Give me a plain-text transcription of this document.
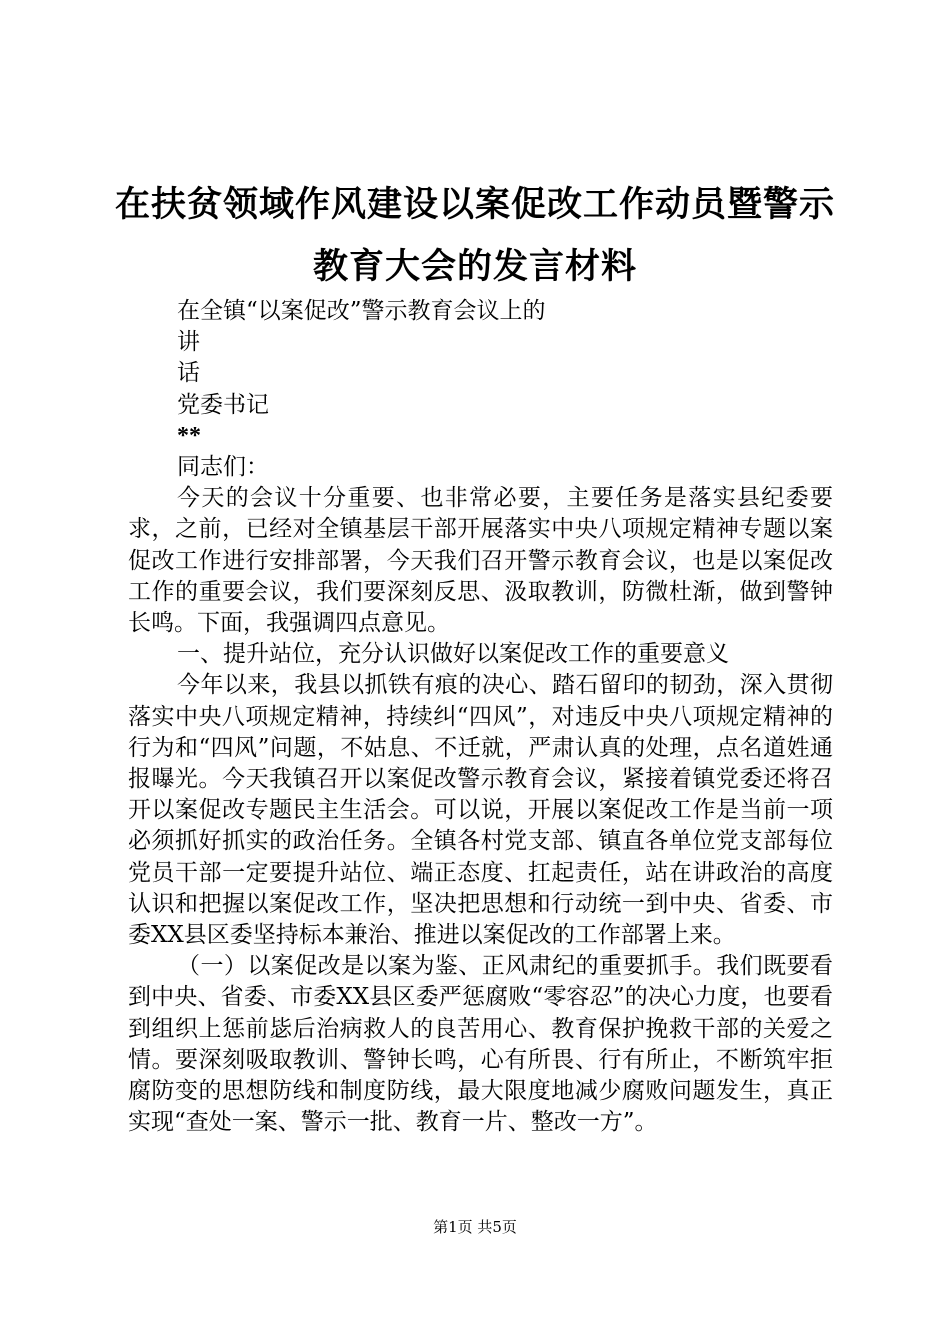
在扶贫领域作风建设以案促改工作动员暨警示
教育大会的发言材料
在全镇“以案促改”警示教育会议上的
讲
话
党委书记
**
同志们：

今天的会议十分重要、也非常必要，主要任务是落实县纪委要求，之前，已经对全镇基层干部开展落实中央八项规定精神专题以案促改工作进行安排部署，今天我们召开警示教育会议，也是以案促改工作的重要会议，我们要深刻反思、汲取教训，防微杜渐，做到警钟长鸣。下面，我强调四点意见。

一、提升站位，充分认识做好以案促改工作的重要意义

今年以来，我县以抓铁有痕的决心、踏石留印的韧劲，深入贯彻落实中央八项规定精神，持续纠“四风”，对违反中央八项规定精神的行为和“四风”问题，不姑息、不迁就，严肃认真的处理，点名道姓通报曝光。今天我镇召开以案促改警示教育会议，紧接着镇党委还将召开以案促改专题民主生活会。可以说，开展以案促改工作是当前一项必须抓好抓实的政治任务。全镇各村党支部、镇直各单位党支部每位党员干部一定要提升站位、端正态度、扛起责任，站在讲政治的高度认识和把握以案促改工作，坚决把思想和行动统一到中央、省委、市委XX县区委坚持标本兼治、推进以案促改的工作部署上来。

（一）以案促改是以案为鉴、正风肃纪的重要抓手。我们既要看到中央、省委、市委XX县区委严惩腐败“零容忍”的决心力度，也要看到组织上惩前毖后治病救人的良苦用心、教育保护挽救干部的关爱之情。要深刻吸取教训、警钟长鸣，心有所畏、行有所止，不断筑牢拒腐防变的思想防线和制度防线，最大限度地减少腐败问题发生，真正实现“查处一案、警示一批、教育一片、整改一方”。

第1页 共5页
